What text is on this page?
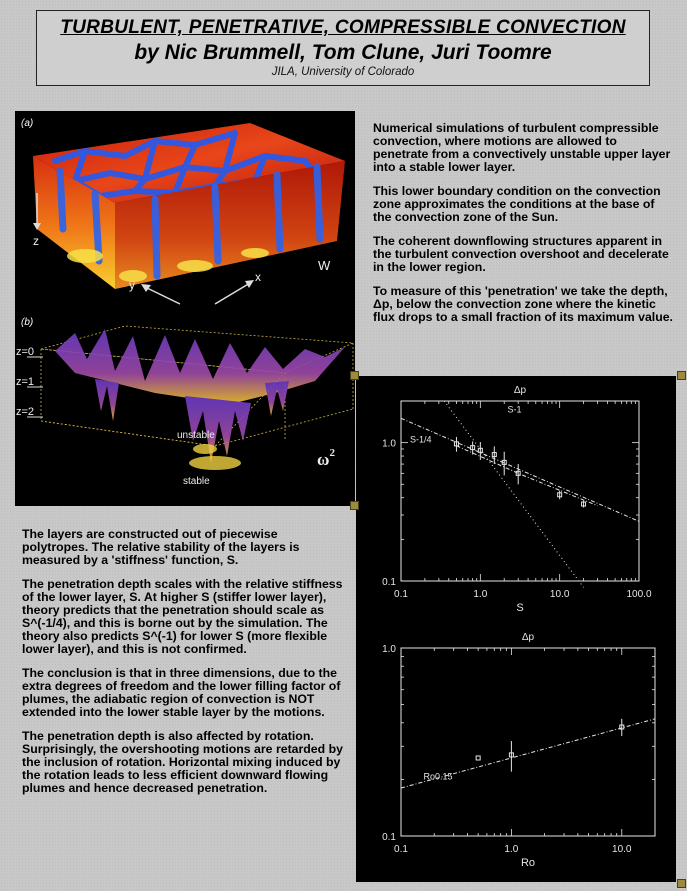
TURBULENT, PENETRATIVE, COMPRESSIBLE CONVECTION
by Nic Brummell, Tom Clune, Juri Toomre
JILA, University of Colorado
(a)
z
y
x
W
(b)
z=0
z=1
z=2
unstable
stable
$\omega^2$

Numerical simulations of turbulent compressible convection, where motions are allowed to penetrate from a convectively unstable upper layer into a stable lower layer.

This lower boundary condition on the convection zone approximates the conditions at the base of the convection zone of the Sun.

The coherent downflowing structures apparent in the turbulent convection overshoot and decelerate in the lower region.

To measure of this 'penetration' we take the depth, Δp, below the convection zone where the kinetic flux drops to a small fraction of its maximum value.

The layers are constructed out of piecewise polytropes. The relative stability of the layers is measured by a 'stiffness' function, S.

The penetration depth scales with the relative stiffness of the lower layer, S. At higher S (stiffer lower layer), theory predicts that the penetration should scale as S^(-1/4), and this is borne out by the simulation. The theory also predicts S^(-1) for lower S (more flexible lower layer), and this is not confirmed.

The conclusion is that in three dimensions, due to the extra degrees of freedom and the lower filling factor of plumes, the adiabatic region of convection is NOT extended into the lower stable layer by the motions.

The penetration depth is also affected by rotation. Surprisingly, the overshooting motions are retarded by the inclusion of rotation. Horizontal mixing induced by the rotation leads to less efficient downward flowing plumes and hence decreased penetration.

0.1	1.0	10.0	100.0
0.1
1.0
Δp
S
S-1
S-1/4
0.1	1.0	10.0
0.1
1.0
Δp
Ro
Ro0.15
